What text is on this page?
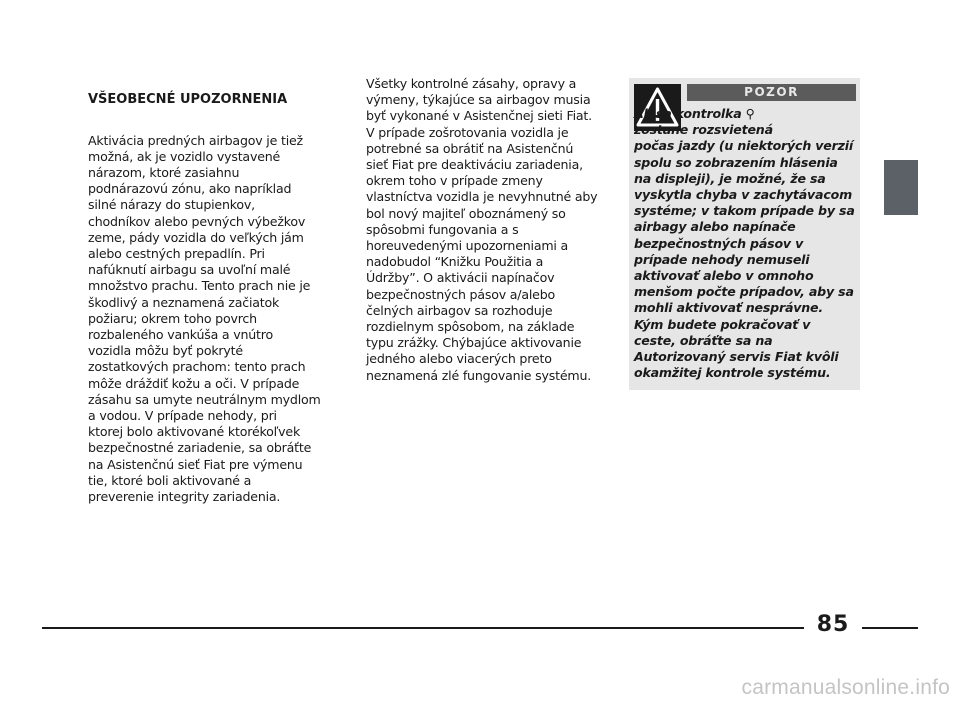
VŠEOBECNÉ UPOZORNENIA

Aktivácia predných airbagov je tiež
možná, ak je vozidlo vystavené
nárazom, ktoré zasiahnu
podnárazovú zónu, ako napríklad
silné nárazy do stupienkov,
chodníkov alebo pevných výbežkov
zeme, pády vozidla do veľkých jám
alebo cestných prepadlín. Pri
nafúknutí airbagu sa uvoľní malé
množstvo prachu. Tento prach nie je
škodlivý a neznamená začiatok
požiaru; okrem toho povrch
rozbaleného vankúša a vnútro
vozidla môžu byť pokryté
zostatkových prachom: tento prach
môže dráždiť kožu a oči. V prípade
zásahu sa umyte neutrálnym mydlom
a vodou. V prípade nehody, pri
ktorej bolo aktivované ktorékoľvek
bezpečnostné zariadenie, sa obráťte
na Asistenčnú sieť Fiat pre výmenu
tie, ktoré boli aktivované a
preverenie integrity zariadenia.

Všetky kontrolné zásahy, opravy a
výmeny, týkajúce sa airbagov musia
byť vykonané v Asistenčnej sieti Fiat.
V prípade zošrotovania vozidla je
potrebné sa obrátiť na Asistenčnú
sieť Fiat pre deaktiváciu zariadenia,
okrem toho v prípade zmeny
vlastníctva vozidla je nevyhnutné aby
bol nový majiteľ oboznámený so
spôsobmi fungovania a s
horeuvedenými upozorneniami a
nadobudol “Knižku Použitia a
Údržby”. O aktivácii napínačov
bezpečnostných pásov a/alebo
čelných airbagov sa rozhoduje
rozdielnym spôsobom, na základe
typu zrážky. Chýbajúce aktivovanie
jedného alebo viacerých preto
neznamená zlé fungovanie systému.
POZOR
Ak sa kontrolka ⚲
zostane rozsvietená
počas jazdy (u niektorých verzií
spolu so zobrazením hlásenia
na displeji), je možné, že sa
vyskytla chyba v zachytávacom
systéme; v takom prípade by sa
airbagy alebo napínače
bezpečnostných pásov v
prípade nehody nemuseli
aktivovať alebo v omnoho
menšom počte prípadov, aby sa
mohli aktivovať nesprávne.
Kým budete pokračovať v
ceste, obráťte sa na
Autorizovaný servis Fiat kvôli
okamžitej kontrole systému.
85
carmanualsonline.info
